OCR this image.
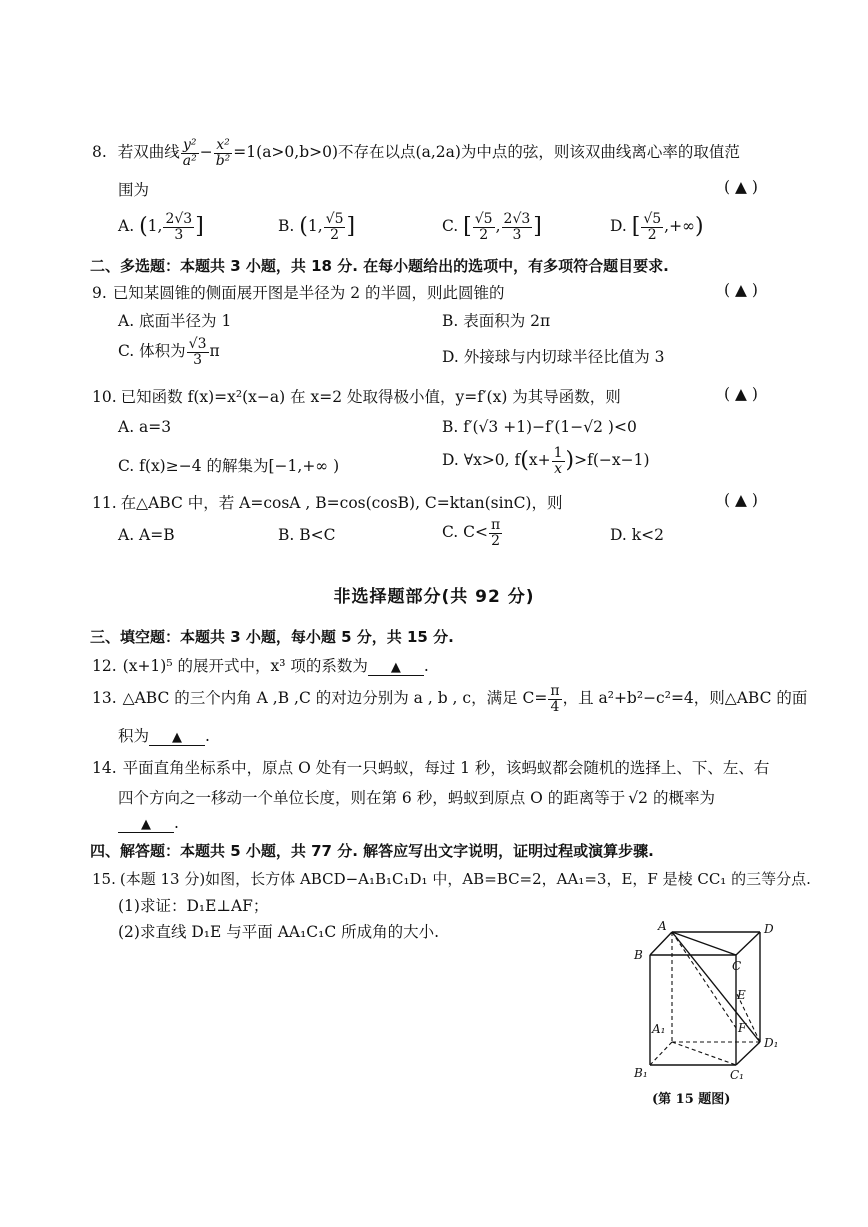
8. 若双曲线 $\frac{\text{y²}}{\text{a²}} - \frac{\text{x²}}{\text{b²}} =1(a>0,b>0)$不存在以点(a,2a)为中点的弦，则该双曲线离心率的取值范
围为	( ▲ )
A. (1, $\frac{2√3}{3}$ ]	B. (1, $\frac{√5}{2}$ ]	C. [ $\frac{√5}{2}$ , $\frac{2√3}{3}$ ]	D. [ $\frac{√5}{2}$ ,+∞)
二、多选题：本题共 3 小题，共 18 分. 在每小题给出的选项中，有多项符合题目要求.
9. 已知某圆锥的侧面展开图是半径为 2 的半圆，则此圆锥的	( ▲ )
A. 底面半径为 1	B. 表面积为 2π
C. 体积为 $\frac{√3}{3}$ π	D. 外接球与内切球半径比值为 3
10. 已知函数 f(x)=x²(x−a) 在 x=2 处取得极小值，y=f′(x) 为其导函数，则	( ▲ )
A. a=3	B. f′(√3 +1)−f′(1−√2 )<0
C. f(x)≥−4 的解集为[−1,+∞ )	D. ∀x>0, $f(x+ \frac{1}{x} )>f(-x-1)$
11. 在△ABC 中，若 A=cosA , B=cos(cosB), C=ktan(sinC)，则	( ▲ )
A. A=B	B. B<C	C. $C< \frac{\pi}{2}$	D. k<2
非选择题部分(共 92 分)
三、填空题：本题共 3 小题，每小题 5 分，共 15 分.
12. (x+1)⁵ 的展开式中，x³ 项的系数为 ▲ .
13. △ABC 的三个内角 A ,B ,C 的对边分别为 a , b , c，满足 $C= \frac{\pi}{4}$ ，且 a²+b²−c²=4，则△ABC 的面
积为 ▲ .
14. 平面直角坐标系中，原点 O 处有一只蚂蚁，每过 1 秒，该蚂蚁都会随机的选择上、下、左、右
四个方向之一移动一个单位长度，则在第 6 秒，蚂蚁到原点 O 的距离等于 √2 的概率为
▲ .
四、解答题：本题共 5 小题，共 77 分. 解答应写出文字说明，证明过程或演算步骤.
15. (本题 13 分)如图，长方体 ABCD−A₁B₁C₁D₁ 中，AB=BC=2，AA₁=3，E，F 是棱 CC₁ 的三等分点.
(1)求证：D₁E⊥AF；
(2)求直线 D₁E 与平面 AA₁C₁C 所成角的大小.	A	D
B
C
E
F
A₁
D₁
B₁	C₁
(第 15 题图)
